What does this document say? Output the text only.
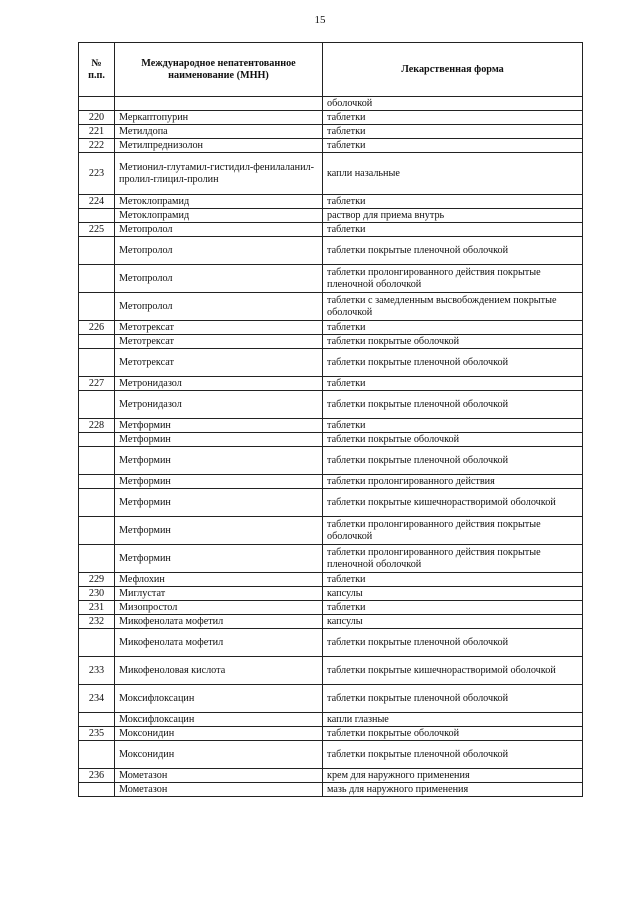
15
№ п.п.	Международное непатентованное наименование (МНН)	Лекарственная форма
		оболочкой
220	Меркаптопурин	таблетки
221	Метилдопа	таблетки
222	Метилпреднизолон	таблетки
223	Метионил-глутамил-гистидил-фенилаланил-пролил-глицил-пролин	капли назальные
224	Метоклопрамид	таблетки
	Метоклопрамид	раствор для приема внутрь
225	Метопролол	таблетки
	Метопролол	таблетки покрытые пленочной оболочкой
	Метопролол	таблетки пролонгированного действия покрытые пленочной оболочкой
	Метопролол	таблетки с замедленным высвобождением покрытые оболочкой
226	Метотрексат	таблетки
	Метотрексат	таблетки покрытые оболочкой
	Метотрексат	таблетки покрытые пленочной оболочкой
227	Метронидазол	таблетки
	Метронидазол	таблетки покрытые пленочной оболочкой
228	Метформин	таблетки
	Метформин	таблетки покрытые оболочкой
	Метформин	таблетки покрытые пленочной оболочкой
	Метформин	таблетки пролонгированного действия
	Метформин	таблетки покрытые кишечнорастворимой оболочкой
	Метформин	таблетки пролонгированного действия покрытые оболочкой
	Метформин	таблетки пролонгированного действия покрытые пленочной оболочкой
229	Мефлохин	таблетки
230	Миглустат	капсулы
231	Мизопростол	таблетки
232	Микофенолата мофетил	капсулы
	Микофенолата мофетил	таблетки покрытые пленочной оболочкой
233	Микофеноловая кислота	таблетки покрытые кишечнорастворимой оболочкой
234	Моксифлоксацин	таблетки покрытые пленочной оболочкой
	Моксифлоксацин	капли глазные
235	Моксонидин	таблетки покрытые оболочкой
	Моксонидин	таблетки покрытые пленочной оболочкой
236	Мометазон	крем для наружного применения
	Мометазон	мазь для наружного применения
